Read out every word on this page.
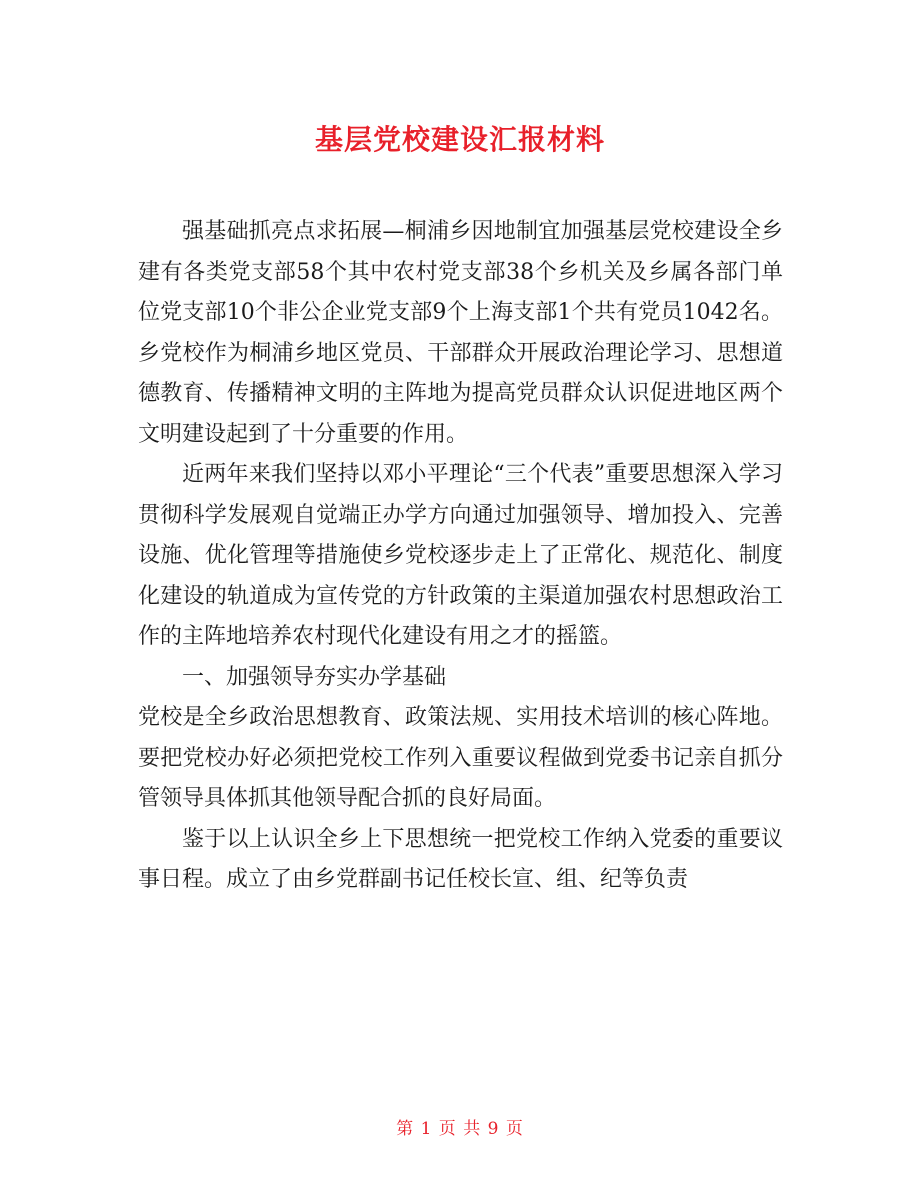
基层党校建设汇报材料

强基础抓亮点求拓展—桐浦乡因地制宜加强基层党校建设全乡建有各类党支部58个其中农村党支部38个乡机关及乡属各部门单位党支部10个非公企业党支部9个上海支部1个共有党员1042名。乡党校作为桐浦乡地区党员、干部群众开展政治理论学习、思想道德教育、传播精神文明的主阵地为提高党员群众认识促进地区两个文明建设起到了十分重要的作用。

近两年来我们坚持以邓小平理论“三个代表”重要思想深入学习贯彻科学发展观自觉端正办学方向通过加强领导、增加投入、完善设施、优化管理等措施使乡党校逐步走上了正常化、规范化、制度化建设的轨道成为宣传党的方针政策的主渠道加强农村思想政治工作的主阵地培养农村现代化建设有用之才的摇篮。

一、加强领导夯实办学基础

党校是全乡政治思想教育、政策法规、实用技术培训的核心阵地。要把党校办好必须把党校工作列入重要议程做到党委书记亲自抓分管领导具体抓其他领导配合抓的良好局面。

鉴于以上认识全乡上下思想统一把党校工作纳入党委的重要议事日程。成立了由乡党群副书记任校长宣、组、纪等负责

第 1 页 共 9 页
